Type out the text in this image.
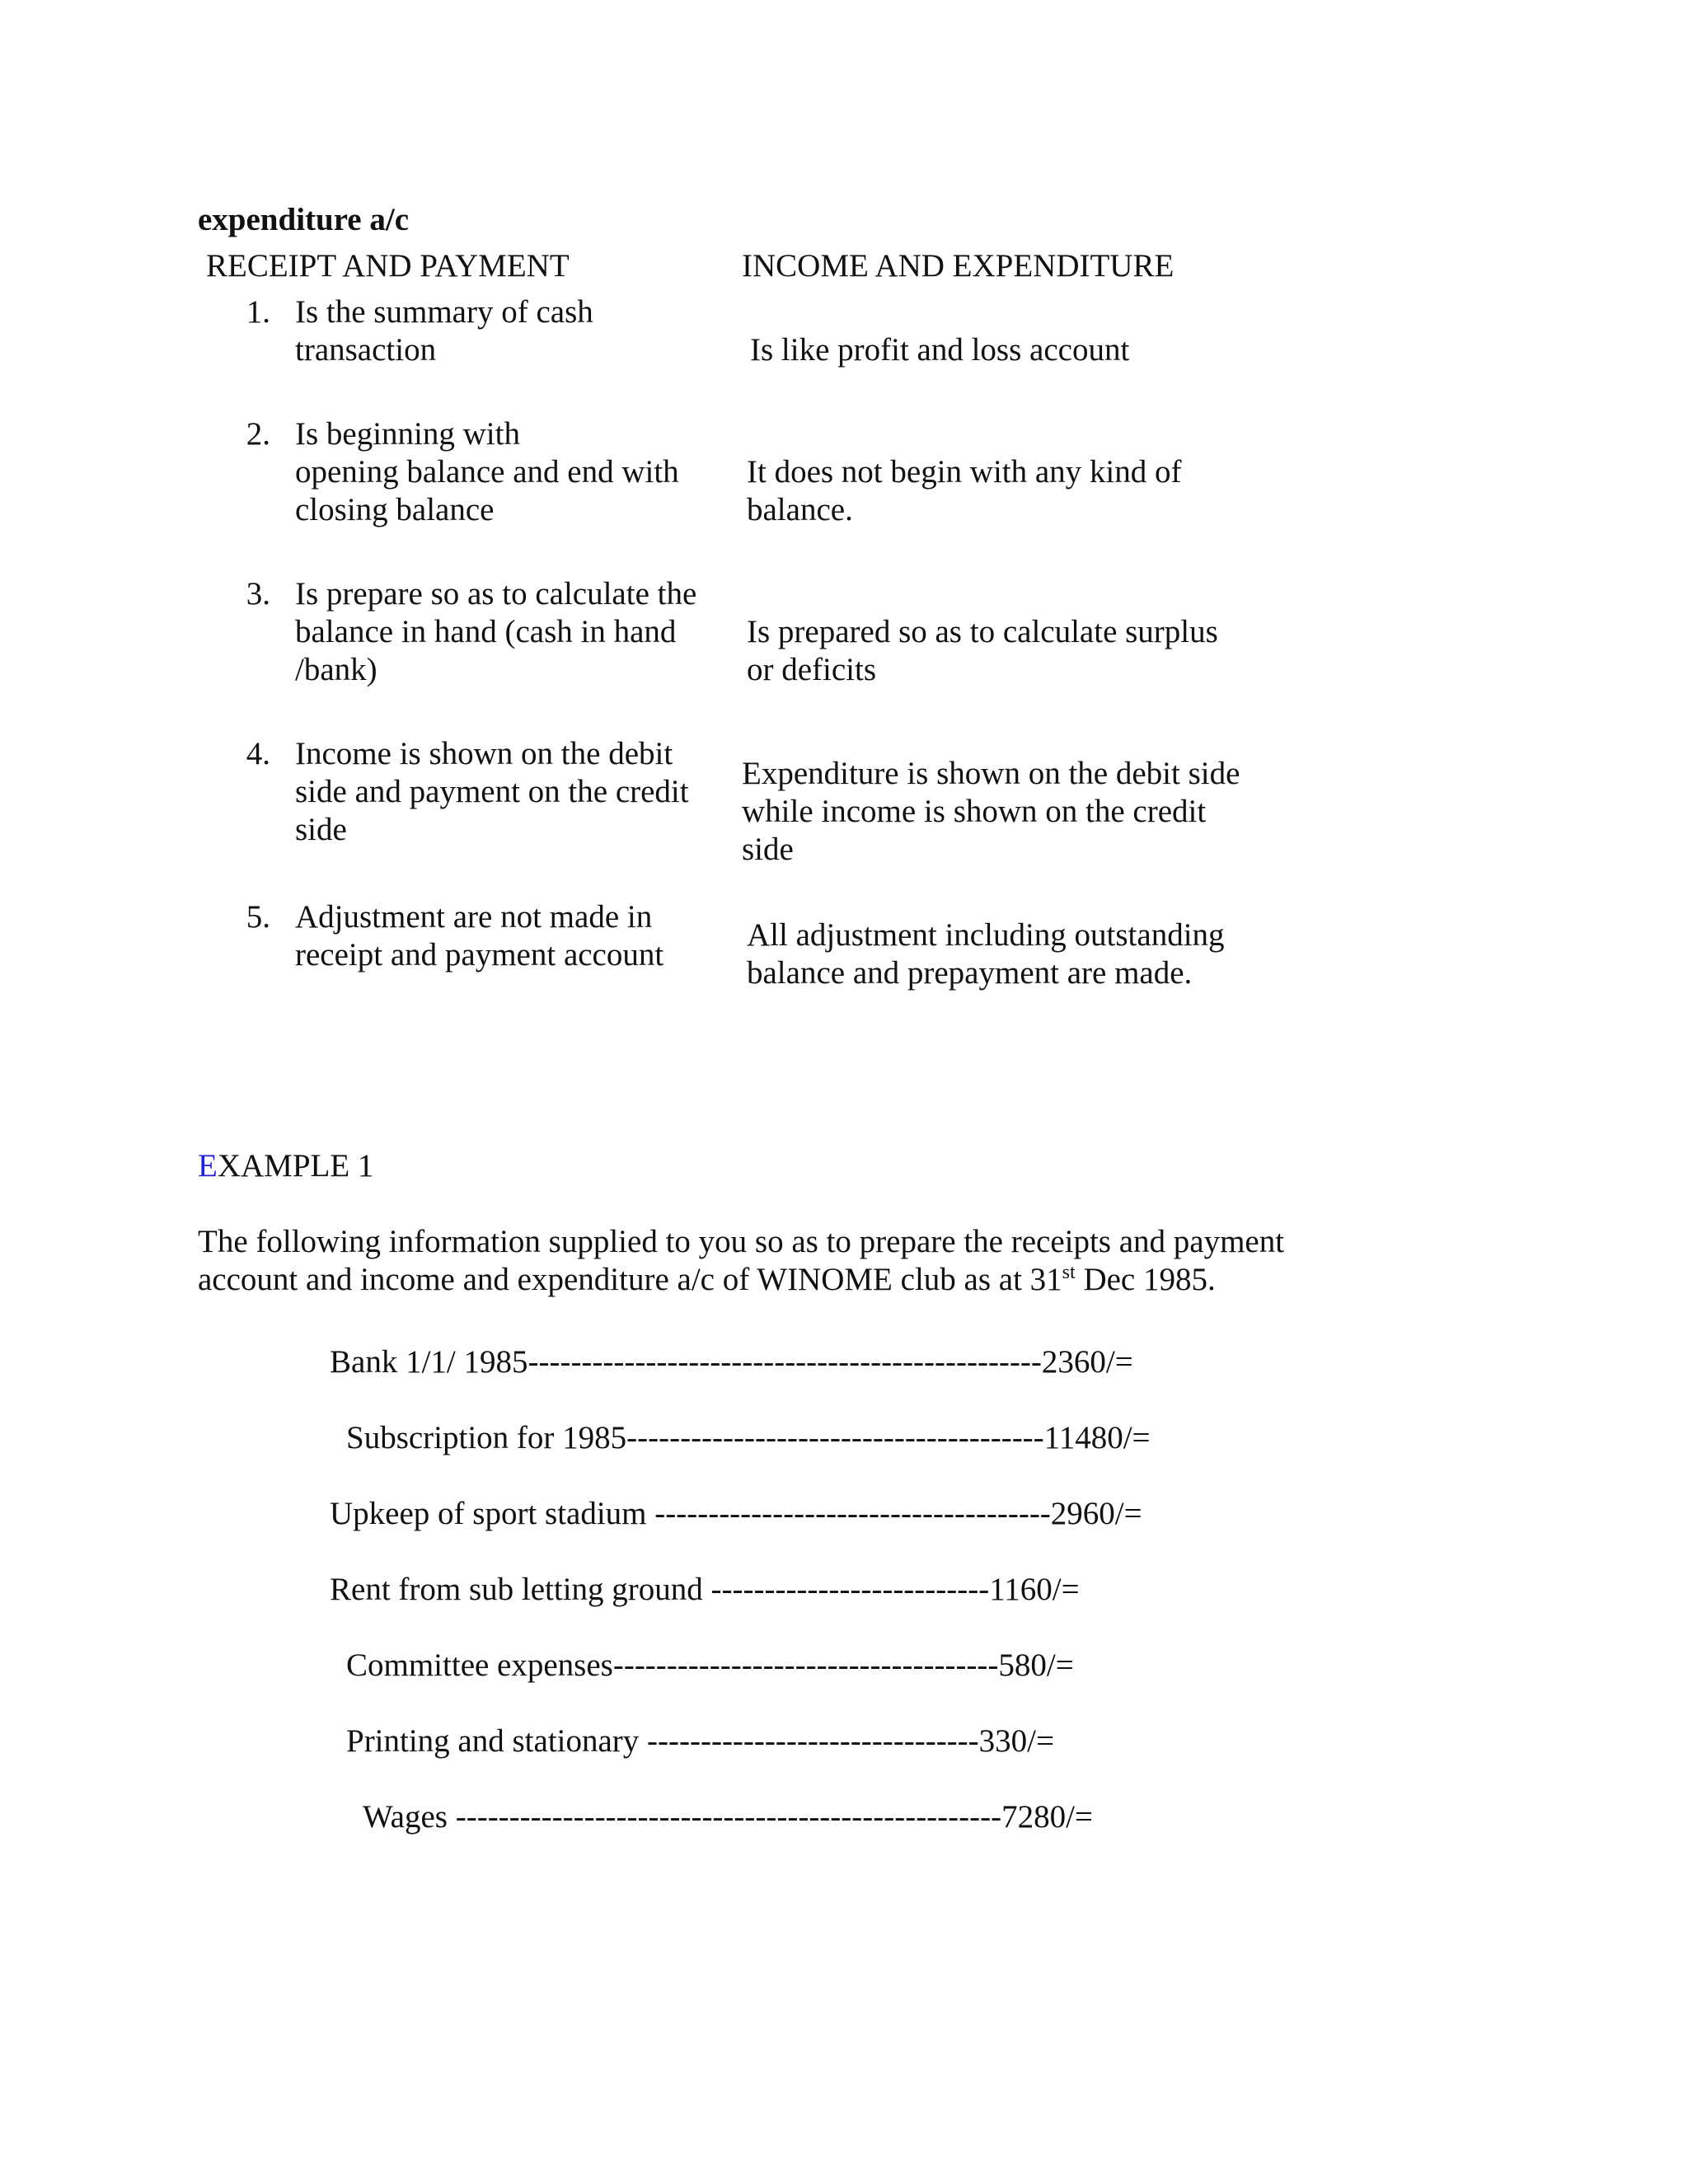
expenditure a/c
RECEIPT AND PAYMENT	INCOME AND EXPENDITURE
1. Is the summary of cash
transaction	Is like profit and loss account
2. Is beginning with
opening balance and end with
closing balance
It does not begin with any kind of
balance.
3. Is prepare so as to calculate the
balance in hand (cash in hand
/bank)
Is prepared so as to calculate surplus
or deficits
4. Income is shown on the debit
side and payment on the credit
side
Expenditure is shown on the debit side
while income is shown on the credit
side
5. Adjustment are not made in
receipt and payment account
All adjustment including outstanding
balance and prepayment are made.
EXAMPLE 1
The following information supplied to you so as to prepare the receipts and payment
account and income and expenditure a/c of WINOME club as at 31st Dec 1985.
Bank 1/1/ 1985------------------------------------------------2360/=
Subscription for 1985---------------------------------------11480/=
Upkeep of sport stadium -------------------------------------2960/=
Rent from sub letting ground --------------------------1160/=
Committee expenses------------------------------------580/=
Printing and stationary -------------------------------330/=
Wages ---------------------------------------------------7280/=
